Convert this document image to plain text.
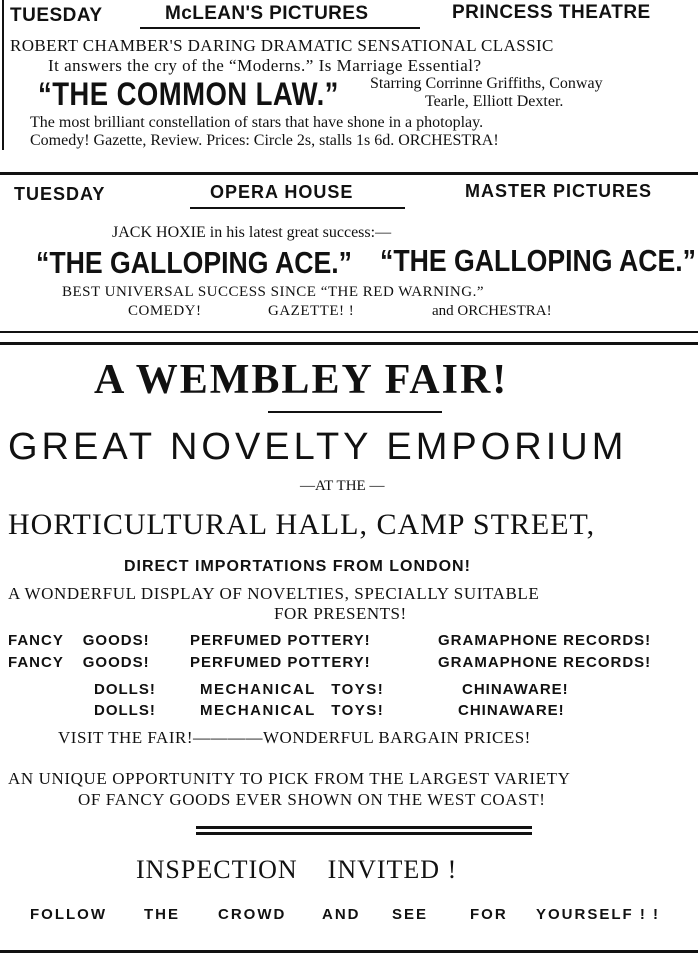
TUESDAY	McLEAN'S PICTURES	PRINCESS THEATRE
ROBERT CHAMBER'S DARING DRAMATIC SENSATIONAL CLASSIC
It answers the cry of the “Moderns.” Is Marriage Essential?
“THE COMMON LAW.” Starring Corrinne Griffiths, Conway
Tearle, Elliott Dexter.
The most brilliant constellation of stars that have shone in a photoplay.
Comedy! Gazette, Review. Prices: Circle 2s, stalls 1s 6d. ORCHESTRA!
TUESDAY	OPERA HOUSE	MASTER PICTURES
JACK HOXIE in his latest great success:—
“THE GALLOPING ACE.” “THE GALLOPING ACE.”
BEST UNIVERSAL SUCCESS SINCE “THE RED WARNING.”
COMEDY!	GAZETTE! !	and ORCHESTRA!
A WEMBLEY FAIR!
GREAT NOVELTY EMPORIUM
—AT THE —
HORTICULTURAL HALL, CAMP STREET,
DIRECT IMPORTATIONS FROM LONDON!
A WONDERFUL DISPLAY OF NOVELTIES, SPECIALLY SUITABLE
FOR PRESENTS!
FANCY GOODS!	PERFUMED POTTERY!	GRAMAPHONE RECORDS!
FANCY GOODS!	PERFUMED POTTERY!	GRAMAPHONE RECORDS!
DOLLS!	MECHANICAL TOYS!	CHINAWARE!
DOLLS!	MECHANICAL TOYS!	CHINAWARE!
VISIT THE FAIR!————WONDERFUL BARGAIN PRICES!
AN UNIQUE OPPORTUNITY TO PICK FROM THE LARGEST VARIETY
OF FANCY GOODS EVER SHOWN ON THE WEST COAST!
INSPECTION    INVITED !
FOLLOW THE	CROWD AND SEE	FOR YOURSELF ! !
